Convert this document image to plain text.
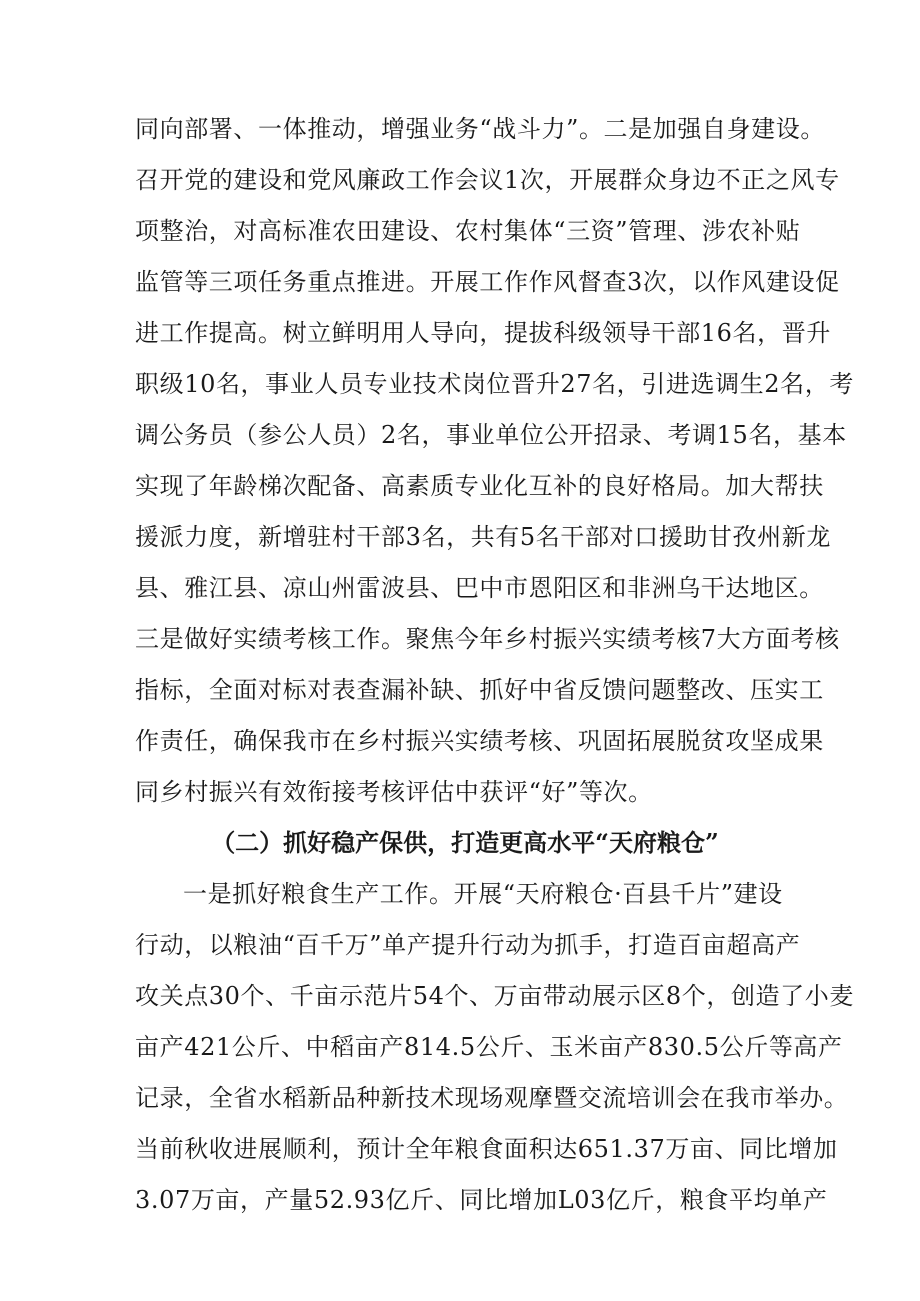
同向部署、一体推动，增强业务“战斗力”。二是加强自身建设。
召开党的建设和党风廉政工作会议1次，开展群众身边不正之风专
项整治，对高标准农田建设、农村集体“三资”管理、涉农补贴
监管等三项任务重点推进。开展工作作风督查3次，以作风建设促
进工作提高。树立鲜明用人导向，提拔科级领导干部16名，晋升
职级10名，事业人员专业技术岗位晋升27名，引进选调生2名，考
调公务员（参公人员）2名，事业单位公开招录、考调15名，基本
实现了年龄梯次配备、高素质专业化互补的良好格局。加大帮扶
援派力度，新增驻村干部3名，共有5名干部对口援助甘孜州新龙
县、雅江县、凉山州雷波县、巴中市恩阳区和非洲乌干达地区。
三是做好实绩考核工作。聚焦今年乡村振兴实绩考核7大方面考核
指标，全面对标对表查漏补缺、抓好中省反馈问题整改、压实工
作责任，确保我市在乡村振兴实绩考核、巩固拓展脱贫攻坚成果
同乡村振兴有效衔接考核评估中获评“好”等次。
（二）抓好稳产保供，打造更高水平“天府粮仓”
一是抓好粮食生产工作。开展“天府粮仓·百县千片”建设
行动，以粮油“百千万”单产提升行动为抓手，打造百亩超高产
攻关点30个、千亩示范片54个、万亩带动展示区8个，创造了小麦
亩产421公斤、中稻亩产814.5公斤、玉米亩产830.5公斤等高产
记录，全省水稻新品种新技术现场观摩暨交流培训会在我市举办。
当前秋收进展顺利，预计全年粮食面积达651.37万亩、同比增加
3.07万亩，产量52.93亿斤、同比增加L03亿斤，粮食平均单产
